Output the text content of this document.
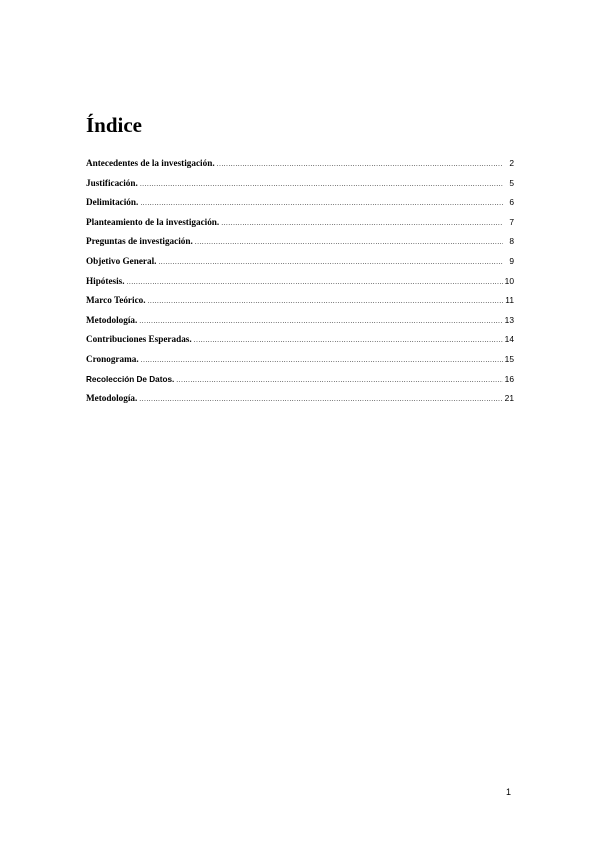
Índice
Antecedentes de la investigación. .....	2
Justificación. .....	5
Delimitación. .....	6
Planteamiento de la investigación. .....	7
Preguntas de investigación. .....	8
Objetivo General. .....	9
Hipótesis. .....	10
Marco Teórico. .....	11
Metodología. .....	13
Contribuciones Esperadas. .....	14
Cronograma. .....	15
Recolección De Datos. .....	16
Metodología. .....	21
1
